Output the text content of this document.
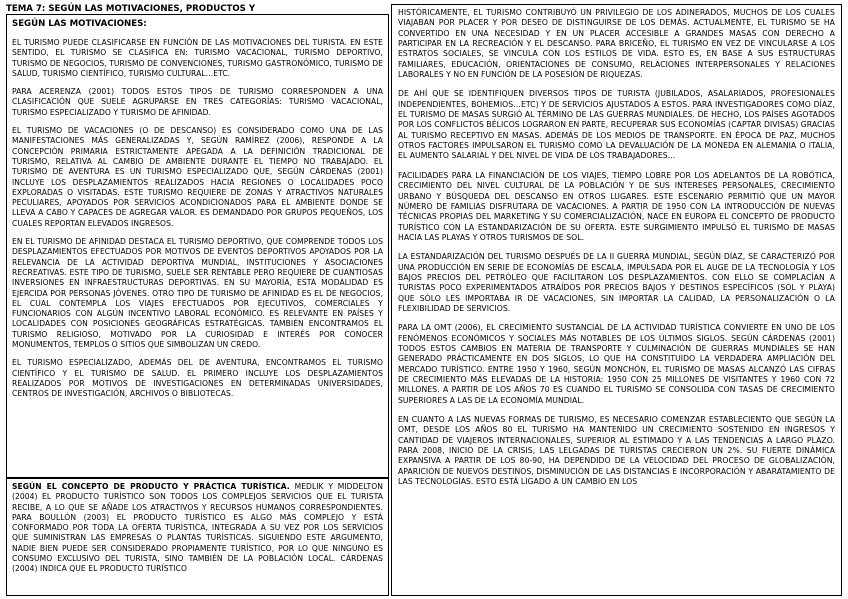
TEMA 7: SEGÚN LAS MOTIVACIONES, PRODUCTOS Y
SEGÚN LAS MOTIVACIONES:

EL TURISMO PUEDE CLASIFICARSE EN FUNCIÓN DE LAS MOTIVACIONES DEL TURISTA. EN ESTE SENTIDO, EL TURISMO SE CLASIFICA EN: TURISMO VACACIONAL, TURISMO DEPORTIVO, TURISMO DE NEGOCIOS, TURISMO DE CONVENCIONES, TURISMO GASTRONÓMICO, TURISMO DE SALUD, TURISMO CIENTÍFICO, TURISMO CULTURAL…ETC.

PARA ACERENZA (2001) TODOS ESTOS TIPOS DE TURISMO CORRESPONDEN A UNA CLASIFICACIÓN QUE SUELE AGRUPARSE EN TRES CATEGORÍAS: TURISMO VACACIONAL, TURISMO ESPECIALIZADO Y TURISMO DE AFINIDAD.

EL TURISMO DE VACACIONES (O DE DESCANSO) ES CONSIDERADO COMO UNA DE LAS MANIFESTACIONES MÁS GENERALIZADAS Y, SEGÚN RAMÍREZ (2006), RESPONDE A LA CONCEPCIÓN PRIMARIA ESTRICTAMENTE APEGADA A LA DEFINICIÓN TRADICIONAL DE TURISMO, RELATIVA AL CAMBIO DE AMBIENTE DURANTE EL TIEMPO NO TRABAJADO. EL TURISMO DE AVENTURA ES UN TURISMO ESPECIALIZADO QUE, SEGÚN CÁRDENAS (2001) INCLUYE LOS DESPLAZAMIENTOS REALIZADOS HACIA REGIONES O LOCALIDADES POCO EXPLORADAS O VISITADAS. ESTE TURISMO REQUIERE DE ZONAS Y ATRACTIVOS NATURALES PECULIARES, APOYADOS POR SERVICIOS ACONDICIONADOS PARA EL AMBIENTE DONDE SE LLEVA A CABO Y CAPACES DE AGREGAR VALOR. ES DEMANDADO POR GRUPOS PEQUEÑOS, LOS CUALES REPORTAN ELEVADOS INGRESOS.

EN EL TURISMO DE AFINIDAD DESTACA EL TURISMO DEPORTIVO, QUE COMPRENDE TODOS LOS DESPLAZAMIENTOS EFECTUADOS POR MOTIVOS DE EVENTOS DEPORTIVOS APOYADOS POR LA RELEVANCIA DE LA ACTIVIDAD DEPORTIVA MUNDIAL, INSTITUCIONES Y ASOCIACIONES RECREATIVAS. ESTE TIPO DE TURISMO, SUELE SER RENTABLE PERO REQUIERE DE CUANTIOSAS INVERSIONES EN INFRAESTRUCTURAS DEPORTIVAS. EN SU MAYORÍA, ESTA MODALIDAD ES EJERCIDA POR PERSONAS JÓVENES. OTRO TIPO DE TURISMO DE AFINIDAD ES EL DE NEGOCIOS, EL CUAL CONTEMPLA LOS VIAJES EFECTUADOS POR EJECUTIVOS, COMERCIALES Y FUNCIONARIOS CON ALGÚN INCENTIVO LABORAL ECONÓMICO. ES RELEVANTE EN PAÍSES Y LOCALIDADES CON POSICIONES GEOGRÁFICAS ESTRATÉGICAS. TAMBIÉN ENCONTRAMOS EL TURISMO RELIGIOSO, MOTIVADO POR LA CURIOSIDAD E INTERÉS POR CONOCER MONUMENTOS, TEMPLOS O SITIOS QUE SIMBOLIZAN UN CREDO.

EL TURISMO ESPECIALIZADO, ADEMÁS DEL DE AVENTURA, ENCONTRAMOS EL TURISMO CIENTÍFICO Y EL TURISMO DE SALUD. EL PRIMERO INCLUYE LOS DESPLAZAMIENTOS REALIZADOS POR MOTIVOS DE INVESTIGACIONES EN DETERMINADAS UNIVERSIDADES, CENTROS DE INVESTIGACIÓN, ARCHIVOS O BIBLIOTECAS.

SEGÚN EL CONCEPTO DE PRODUCTO Y PRÁCTICA TURÍSTICA. MEDLIK Y MIDDELTON (2004) EL PRODUCTO TURÍSTICO SON TODOS LOS COMPLEJOS SERVICIOS QUE EL TURISTA RECIBE, A LO QUE SE AÑADE LOS ATRACTIVOS Y RECURSOS HUMANOS CORRESPONDIENTES. PARA BOULLÓN (2003) EL PRODUCTO TURÍSTICO ES ALGO MÁS COMPLEJO Y ESTÁ CONFORMADO POR TODA LA OFERTA TURÍSTICA, INTEGRADA A SU VEZ POR LOS SERVICIOS QUE SUMINISTRAN LAS EMPRESAS O PLANTAS TURÍSTICAS. SIGUIENDO ESTE ARGUMENTO, NADIE BIEN PUEDE SER CONSIDERADO PROPIAMENTE TURÍSTICO, POR LO QUE NINGUNO ES CONSUMO EXCLUSIVO DEL TURISTA, SINO TAMBIÉN DE LA POBLACIÓN LOCAL. CÁRDENAS (2004) INDICA QUE EL PRODUCTO TURÍSTICO

HISTÓRICAMENTE, EL TURISMO CONTRIBUYÓ UN PRIVILEGIO DE LOS ADINERADOS, MUCHOS DE LOS CUALES VIAJABAN POR PLACER Y POR DESEO DE DISTINGUIRSE DE LOS DEMÁS. ACTUALMENTE, EL TURISMO SE HA CONVERTIDO EN UNA NECESIDAD Y EN UN PLACER ACCESIBLE A GRANDES MASAS CON DERECHO A PARTICIPAR EN LA RECREACIÓN Y EL DESCANSO. PARA BRICEÑO, EL TURISMO EN VEZ DE VINCULARSE A LOS ESTRATOS SOCIALES, SE VINCULA CON LOS ESTILOS DE VIDA. ESTO ES, EN BASE A SUS ESTRUCTURAS FAMILIARES, EDUCACIÓN, ORIENTACIONES DE CONSUMO, RELACIONES INTERPERSONALES Y RELACIONES LABORALES Y NO EN FUNCIÓN DE LA POSESIÓN DE RIQUEZAS.

DE AHÍ QUE SE IDENTIFIQUEN DIVERSOS TIPOS DE TURISTA (JUBILADOS, ASALARIADOS, PROFESIONALES INDEPENDIENTES, BOHEMIOS…ETC) Y DE SERVICIOS AJUSTADOS A ESTOS. PARA INVESTIGADORES COMO DÍAZ, EL TURISMO DE MASAS SURGIÓ AL TÉRMINO DE LAS GUERRAS MUNDIALES. DE HECHO, LOS PAÍSES AGOTADOS POR LOS CONFLICTOS BÉLICOS LOGRARON EN PARTE, RECUPERAR SUS ECONOMÍAS (CAPTAR DIVISAS) GRACIAS AL TURISMO RECEPTIVO EN MASAS. ADEMÁS DE LOS MEDIOS DE TRANSPORTE. EN ÉPOCA DE PAZ, MUCHOS OTROS FACTORES IMPULSARON EL TURISMO COMO LA DEVALUACIÓN DE LA MONEDA EN ALEMANIA O ITALIA, EL AUMENTO SALARIAL Y DEL NIVEL DE VIDA DE LOS TRABAJADORES…

FACILIDADES PARA LA FINANCIACIÓN DE LOS VIAJES, TIEMPO LOBRE POR LOS ADELANTOS DE LA ROBÓTICA, CRECIMIENTO DEL NIVEL CULTURAL DE LA POBLACIÓN Y DE SUS INTERESES PERSONALES, CRECIMIENTO URBANO Y BÚSQUEDA DEL DESCANSO EN OTROS LUGARES. ESTE ESCENARIO PERMITIÓ QUE UN MAYOR NÚMERO DE FAMILIAS DISFRUTARA DE VACACIONES. A PARTIR DE 1950 CON LA INTRODUCCIÓN DE NUEVAS TÉCNICAS PROPIAS DEL MARKETING Y SU COMERCIALIZACIÓN, NACE EN EUROPA EL CONCEPTO DE PRODUCTO TURÍSTICO CON LA ESTANDARIZACIÓN DE SU OFERTA. ESTE SURGIMIENTO IMPULSÓ EL TURISMO DE MASAS HACIA LAS PLAYAS Y OTROS TURISMOS DE SOL.

LA ESTANDARIZACIÓN DEL TURISMO DESPUÉS DE LA II GUERRA MUNDIAL, SEGÚN DÍAZ, SE CARACTERIZÓ POR UNA PRODUCCIÓN EN SERIE DE ECONOMÍAS DE ESCALA, IMPULSADA POR EL AUGE DE LA TECNOLOGÍA Y LOS BAJOS PRECIOS DEL PETRÓLEO QUE FACILITARON LOS DESPLAZAMIENTOS. CON ELLO SE COMPLACÍAN A TURISTAS POCO EXPERIMENTADOS ATRAÍDOS POR PRECIOS BAJOS Y DESTINOS ESPECÍFICOS (SOL Y PLAYA) QUE SÓLO LES IMPORTABA IR DE VACACIONES, SIN IMPORTAR LA CALIDAD, LA PERSONALIZACIÓN O LA FLEXIBILIDAD DE SERVICIOS.

PARA LA OMT (2006), EL CRECIMIENTO SUSTANCIAL DE LA ACTIVIDAD TURÍSTICA CONVIERTE EN UNO DE LOS FENÓMENOS ECONÓMICOS Y SOCIALES MÁS NOTABLES DE LOS ÚLTIMOS SIGLOS. SEGÚN CÁRDENAS (2001) TODOS ESTOS CAMBIOS EN MATERIA DE TRANSPORTE Y CULMINACIÓN DE GUERRAS MUNDIALES SE HAN GENERADO PRÁCTICAMENTE EN DOS SIGLOS, LO QUE HA CONSTITUIDO LA VERDADERA AMPLIACIÓN DEL MERCADO TURÍSTICO. ENTRE 1950 Y 1960, SEGÚN MONCHÓN, EL TURISMO DE MASAS ALCANZÓ LAS CIFRAS DE CRECIMIENTO MÁS ELEVADAS DE LA HISTORIA: 1950 CON 25 MILLONES DE VISITANTES Y 1960 CON 72 MILLONES. A PARTIR DE LOS AÑOS 70 ES CUANDO EL TURISMO SE CONSOLIDA CON TASAS DE CRECIMIENTO SUPERIORES A LAS DE LA ECONOMÍA MUNDIAL.

EN CUANTO A LAS NUEVAS FORMAS DE TURISMO, ES NECESARIO COMENZAR ESTABLECIENTO QUE SEGÚN LA OMT, DESDE LOS AÑOS 80 EL TURISMO HA MANTENIDO UN CRECIMIENTO SOSTENIDO EN INGRESOS Y CANTIDAD DE VIAJEROS INTERNACIONALES, SUPERIOR AL ESTIMADO Y A LAS TENDENCIAS A LARGO PLAZO. PARA 2008, INICIO DE LA CRISIS, LAS LELGADAS DE TURISTAS CRECIERON UN 2%. SU FUERTE DINÁMICA EXPANSIVA A PARTIR DE LOS 80-90, HA DEPENDIDO DE LA VELOCIDAD DEL PROCESO DE GLOBALIZACIÓN, APARICIÓN DE NUEVOS DESTINOS, DISMINUCIÓN DE LAS DISTANCIAS E INCORPORACIÓN Y ABARATAMIENTO DE LAS TECNOLOGÍAS. ESTO ESTÁ LIGADO A UN CAMBIO EN LOS
